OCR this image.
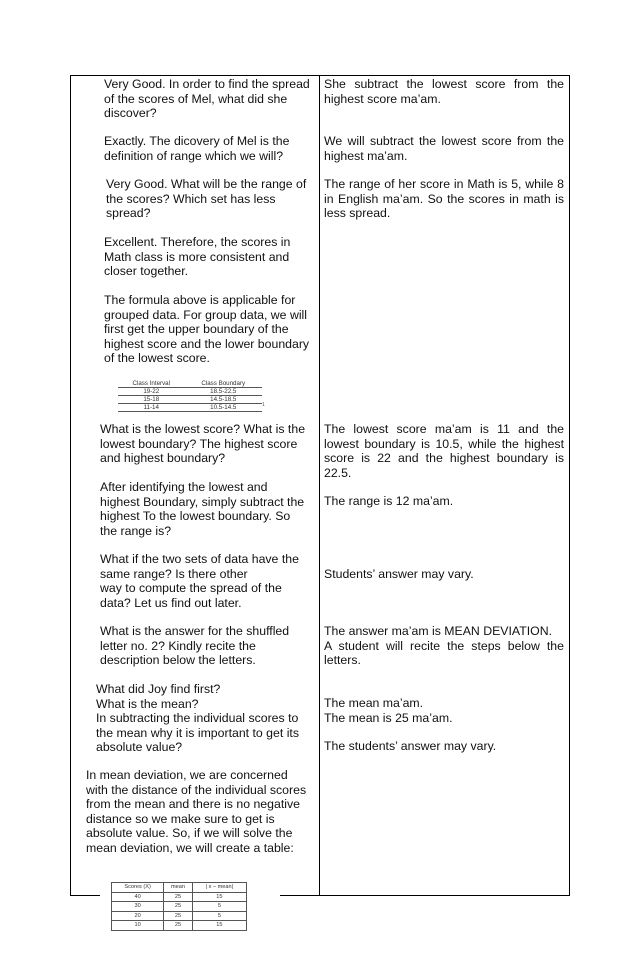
Very Good. In order to find the spread
of the scores of Mel, what did she
discover?
Exactly. The dicovery of Mel is the
definition of range which we will?
Very Good. What will be the range of
the scores? Which set has less
spread?
Excellent. Therefore, the scores in
Math class is more consistent and
closer together.
The formula above is applicable for
grouped data. For group data, we will
first get the upper boundary of the
highest score and the lower boundary
of the lowest score.
Class Interval	Class Boundary
19-22	18.5-22.5
15-18	14.5-18.5
11-14	10.5-14.5	1
What is the lowest score? What is the
lowest boundary? The highest score
and highest boundary?
After identifying the lowest and
highest Boundary, simply subtract the
highest To the lowest boundary. So
the range is?
What if the two sets of data have the
same range? Is there other
way to compute the spread of the
data? Let us find out later.
What is the answer for the shuffled
letter no. 2? Kindly recite the
description below the letters.
What did Joy find first?
What is the mean?
In subtracting the individual scores to
the mean why it is important to get its
absolute value?
In mean deviation, we are concerned
with the distance of the individual scores
from the mean and there is no negative
distance so we make sure to get is
absolute value. So, if we will solve the
mean deviation, we will create a table:
Scores (X)	mean	| x – mean|
40	25	15
30	25	5
20	25	5
10	25	15
She subtract the lowest score from the highest score ma’am.
We will subtract the lowest score from the highest ma’am.
The range of her score in Math is 5, while 8 in English ma’am. So the scores in math is less spread.
The lowest score ma’am is 11 and the lowest boundary is 10.5, while the highest score is 22 and the highest boundary is 22.5.
The range is 12 ma’am.
Students’ answer may vary.
The answer ma’am is MEAN DEVIATION.
A student will recite the steps below the letters.
The mean ma’am.
The mean is 25 ma’am.
The students’ answer may vary.
